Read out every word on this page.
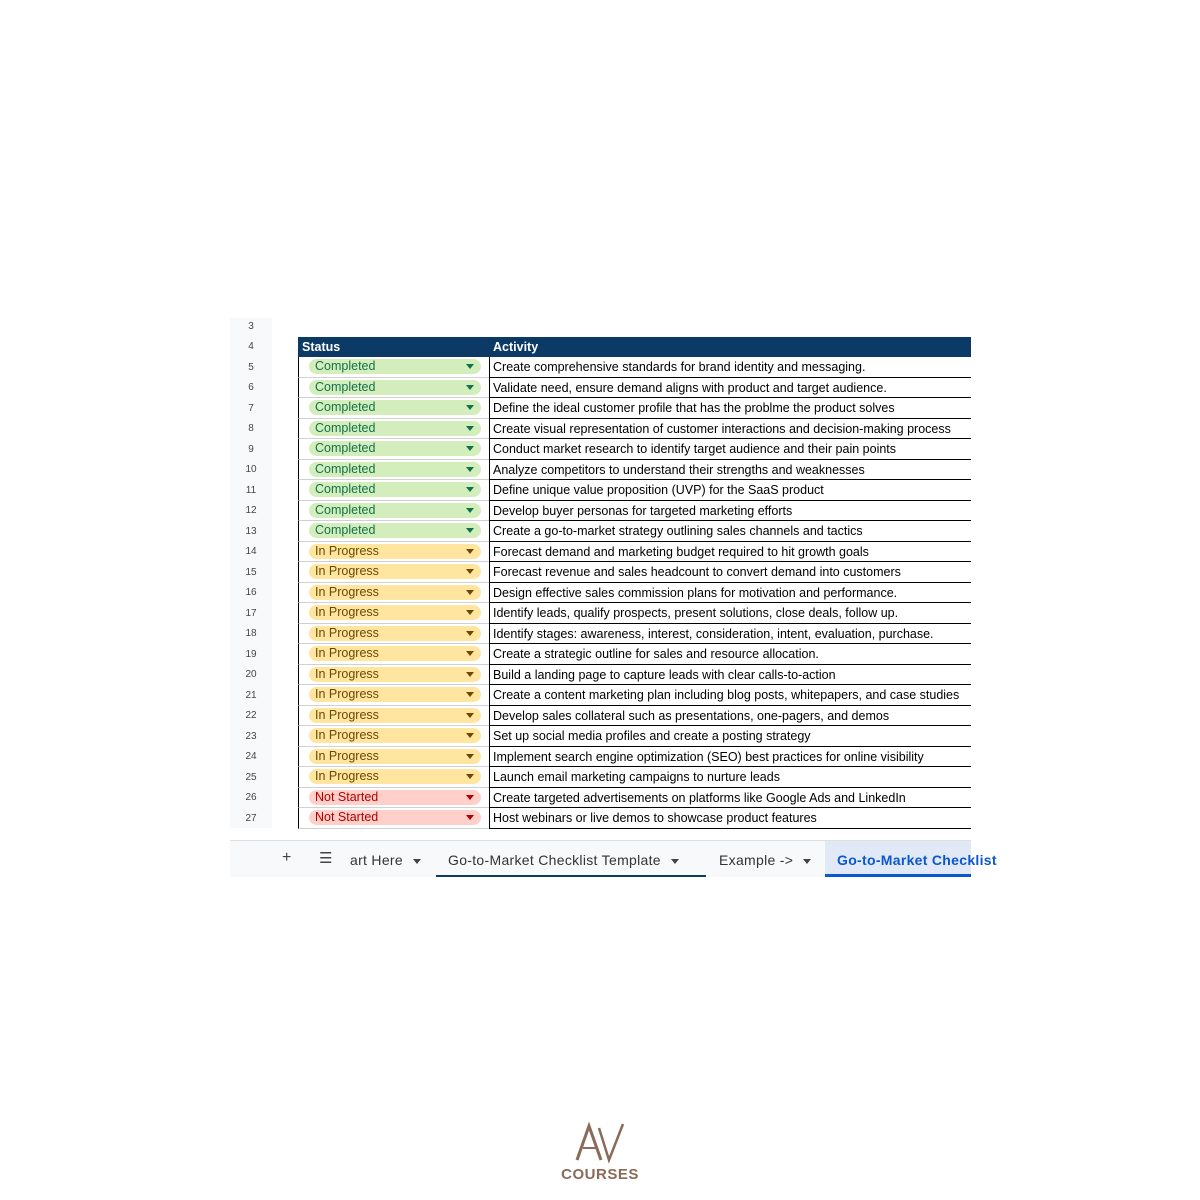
3
4
5
6
7
8
9
10
11
12
13
14
15
16
17
18
19
20
21
22
23
24
25
26
27
Status	Activity
Completed	Create comprehensive standards for brand identity and messaging.
Completed	Validate need, ensure demand aligns with product and target audience.
Completed	Define the ideal customer profile that has the problme the product solves
Completed	Create visual representation of customer interactions and decision-making process
Completed	Conduct market research to identify target audience and their pain points
Completed	Analyze competitors to understand their strengths and weaknesses
Completed	Define unique value proposition (UVP) for the SaaS product
Completed	Develop buyer personas for targeted marketing efforts
Completed	Create a go-to-market strategy outlining sales channels and tactics
In Progress	Forecast demand and marketing budget required to hit growth goals
In Progress	Forecast revenue and sales headcount to convert demand into customers
In Progress	Design effective sales commission plans for motivation and performance.
In Progress	Identify leads, qualify prospects, present solutions, close deals, follow up.
In Progress	Identify stages: awareness, interest, consideration, intent, evaluation, purchase.
In Progress	Create a strategic outline for sales and resource allocation.
In Progress	Build a landing page to capture leads with clear calls-to-action
In Progress	Create a content marketing plan including blog posts, whitepapers, and case studies
In Progress	Develop sales collateral such as presentations, one-pagers, and demos
In Progress	Set up social media profiles and create a posting strategy
In Progress	Implement search engine optimization (SEO) best practices for online visibility
In Progress	Launch email marketing campaigns to nurture leads
Not Started	Create targeted advertisements on platforms like Google Ads and LinkedIn
Not Started	Host webinars or live demos to showcase product features
+ ☰ art Here	Go-to-Market Checklist Template	Example ->	Go-to-Market Checklist
COURSES
